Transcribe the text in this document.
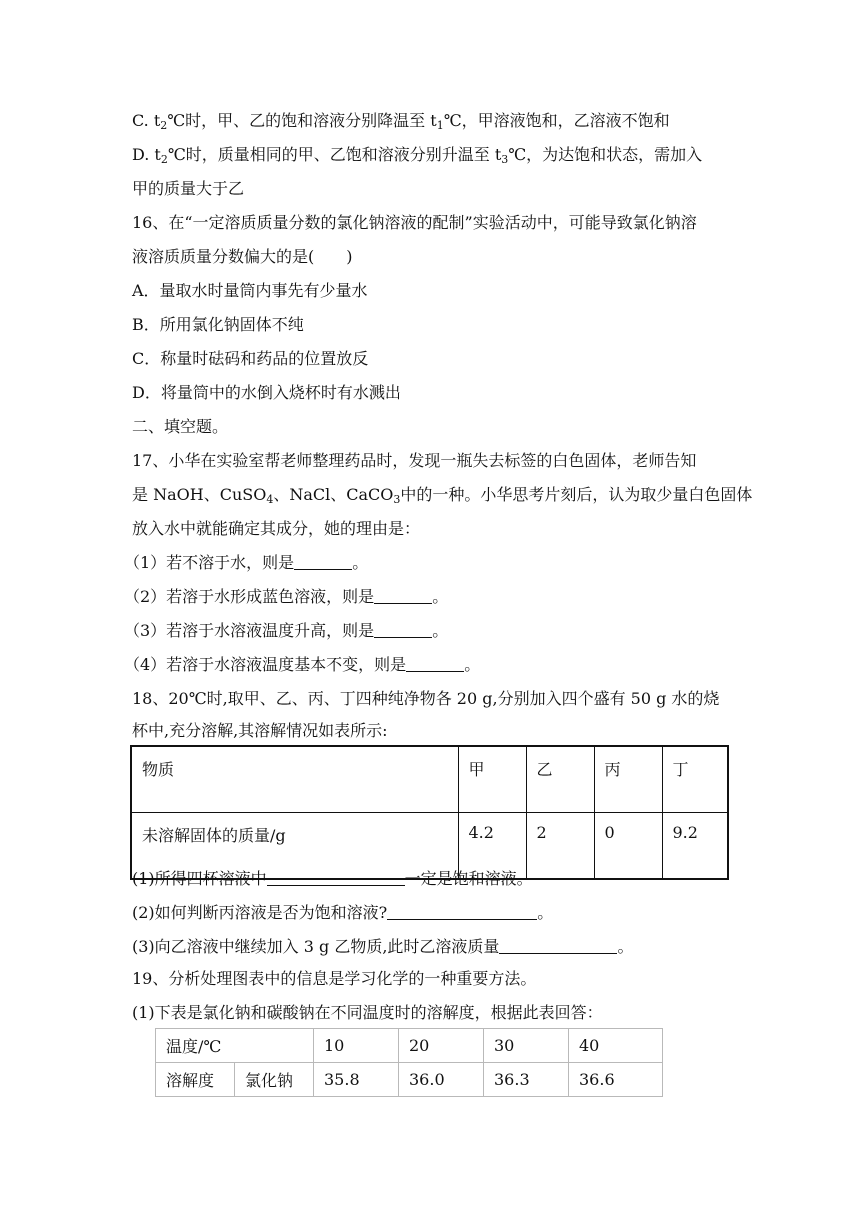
C. $t_2℃$时，甲、乙的饱和溶液分别降温至 $t_1℃$，甲溶液饱和，乙溶液不饱和
D. $t_2℃$时，质量相同的甲、乙饱和溶液分别升温至 $t_3℃$，为达饱和状态，需加入
甲的质量大于乙
16、在“一定溶质质量分数的氯化钠溶液的配制”实验活动中，可能导致氯化钠溶
液溶质质量分数偏大的是(　　)
A．量取水时量筒内事先有少量水
B．所用氯化钠固体不纯
C．称量时砝码和药品的位置放反
D．将量筒中的水倒入烧杯时有水溅出
二、填空题。
17、小华在实验室帮老师整理药品时，发现一瓶失去标签的白色固体，老师告知
是 NaOH、CuSO$_4$、NaCl、CaCO$_3$中的一种。小华思考片刻后，认为取少量白色固体
放入水中就能确定其成分，她的理由是：
（1）若不溶于水，则是	。
（2）若溶于水形成蓝色溶液，则是	。
（3）若溶于水溶液温度升高，则是	。
（4）若溶于水溶液温度基本不变，则是	。
18、20℃时,取甲、乙、丙、丁四种纯净物各 20 g,分别加入四个盛有 50 g 水的烧
杯中,充分溶解,其溶解情况如表所示:
物质	甲	乙	丙	丁
未溶解固体的质量/g	4.2	2	0	9.2
(1)所得四杯溶液中	一定是饱和溶液。
(2)如何判断丙溶液是否为饱和溶液?	。
(3)向乙溶液中继续加入 3 g 乙物质,此时乙溶液质量	。
19、分析处理图表中的信息是学习化学的一种重要方法。
(1)下表是氯化钠和碳酸钠在不同温度时的溶解度，根据此表回答：
温度/℃		10	20	30	40
溶解度	氯化钠	35.8	36.0	36.3	36.6
